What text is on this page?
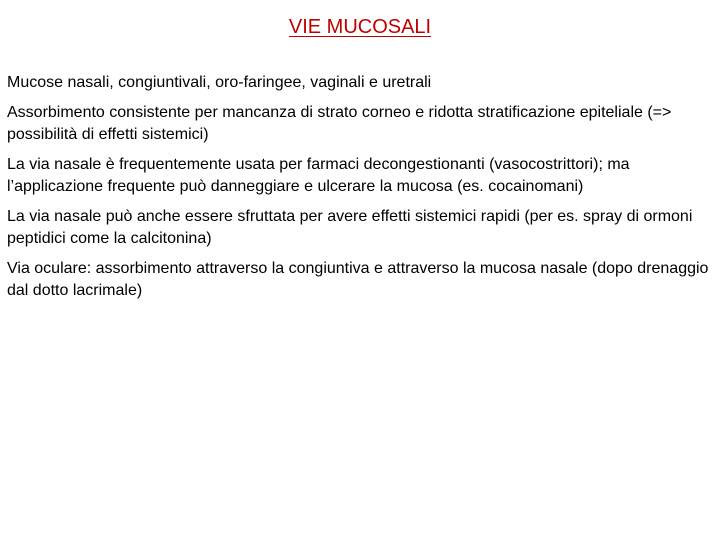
VIE MUCOSALI

Mucose nasali, congiuntivali, oro-faringee, vaginali e uretrali

Assorbimento consistente per mancanza di strato corneo e ridotta stratificazione epiteliale (=> possibilità di effetti sistemici)

La via nasale è frequentemente usata per farmaci decongestionanti (vasocostrittori); ma l’applicazione frequente può danneggiare e ulcerare la mucosa (es. cocainomani)

La via nasale può anche essere sfruttata per avere effetti sistemici rapidi (per es. spray di ormoni peptidici come la calcitonina)

Via oculare: assorbimento attraverso la congiuntiva e attraverso la mucosa nasale (dopo drenaggio dal dotto lacrimale)
